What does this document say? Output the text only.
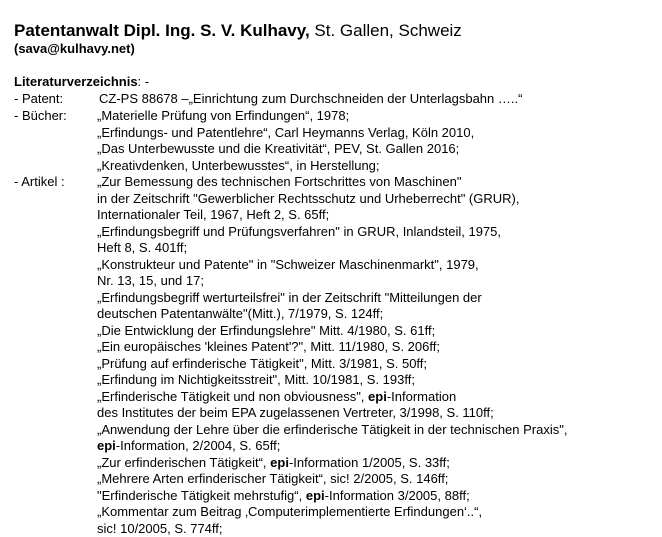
Patentanwalt Dipl. Ing. S. V. Kulhavy, St. Gallen, Schweiz
(sava@kulhavy.net)
Literaturverzeichnis: -
- Patent:
- Bücher:
- Artikel :
CZ-PS 88678 –„Einrichtung zum Durchschneiden der Unterlagsbahn …..“
„Materielle Prüfung von Erfindungen“, 1978;
„Erfindungs- und Patentlehre“, Carl Heymanns Verlag, Köln 2010,
„Das Unterbewusste und die Kreativität“, PEV, St. Gallen 2016;
„Kreativdenken, Unterbewusstes“, in Herstellung;
„Zur Bemessung des technischen Fortschrittes von Maschinen"
in der Zeitschrift "Gewerblicher Rechtsschutz und Urheberrecht" (GRUR),
Internationaler Teil, 1967, Heft 2, S. 65ff;
„Erfindungsbegriff und Prüfungsverfahren" in GRUR, Inlandsteil, 1975,
Heft 8, S. 401ff;
„Konstrukteur und Patente" in "Schweizer Maschinenmarkt", 1979,
Nr. 13, 15, und 17;
„Erfindungsbegriff werturteilsfrei" in der Zeitschrift "Mitteilungen der
deutschen Patentanwälte"(Mitt.), 7/1979, S. 124ff;
„Die Entwicklung der Erfindungslehre" Mitt. 4/1980, S. 61ff;
„Ein europäisches 'kleines Patent'?", Mitt. 11/1980, S. 206ff;
„Prüfung auf erfinderische Tätigkeit", Mitt. 3/1981, S. 50ff;
„Erfindung im Nichtigkeitsstreit", Mitt. 10/1981, S. 193ff;
„Erfinderische Tätigkeit und non obviousness", epi-Information
des Institutes der beim EPA zugelassenen Vertreter, 3/1998, S. 110ff;
„Anwendung der Lehre über die erfinderische Tätigkeit in der technischen Praxis",
epi-Information, 2/2004, S. 65ff;
„Zur erfinderischen Tätigkeit“, epi-Information 1/2005, S. 33ff;
„Mehrere Arten erfinderischer Tätigkeit“, sic! 2/2005, S. 146ff;
"Erfinderische Tätigkeit mehrstufig“, epi-Information 3/2005, 88ff;
„Kommentar zum Beitrag ‚Computerimplementierte Erfindungen‘..“,
sic! 10/2005, S. 774ff;
